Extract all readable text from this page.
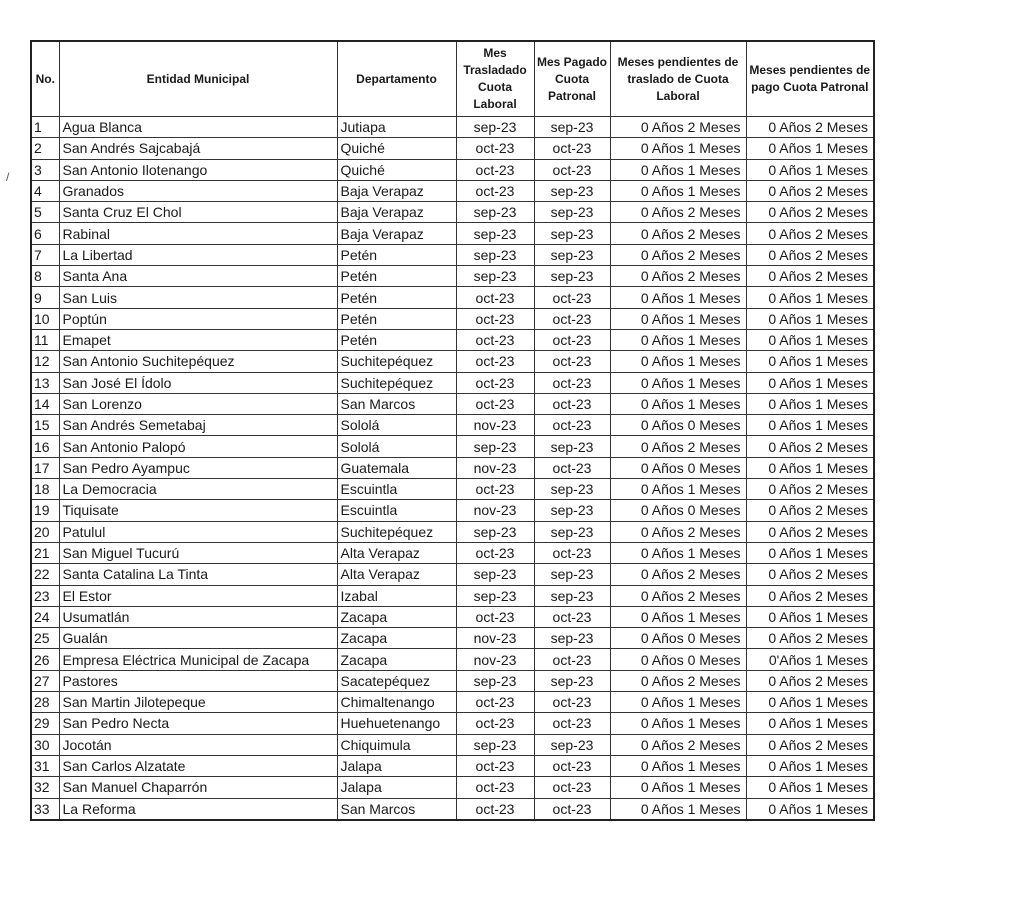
/
No.	Entidad Municipal	Departamento	Mes Trasladado Cuota Laboral	Mes Pagado Cuota Patronal	Meses pendientes de traslado de Cuota Laboral	Meses pendientes de pago Cuota Patronal
1	Agua Blanca	Jutiapa	sep-23	sep-23	0 Años 2 Meses	0 Años 2 Meses
2	San Andrés Sajcabajá	Quiché	oct-23	oct-23	0 Años 1 Meses	0 Años 1 Meses
3	San Antonio Ilotenango	Quiché	oct-23	oct-23	0 Años 1 Meses	0 Años 1 Meses
4	Granados	Baja Verapaz	oct-23	sep-23	0 Años 1 Meses	0 Años 2 Meses
5	Santa Cruz El Chol	Baja Verapaz	sep-23	sep-23	0 Años 2 Meses	0 Años 2 Meses
6	Rabinal	Baja Verapaz	sep-23	sep-23	0 Años 2 Meses	0 Años 2 Meses
7	La Libertad	Petén	sep-23	sep-23	0 Años 2 Meses	0 Años 2 Meses
8	Santa Ana	Petén	sep-23	sep-23	0 Años 2 Meses	0 Años 2 Meses
9	San Luis	Petén	oct-23	oct-23	0 Años 1 Meses	0 Años 1 Meses
10	Poptún	Petén	oct-23	oct-23	0 Años 1 Meses	0 Años 1 Meses
11	Emapet	Petén	oct-23	oct-23	0 Años 1 Meses	0 Años 1 Meses
12	San Antonio Suchitepéquez	Suchitepéquez	oct-23	oct-23	0 Años 1 Meses	0 Años 1 Meses
13	San José El Ídolo	Suchitepéquez	oct-23	oct-23	0 Años 1 Meses	0 Años 1 Meses
14	San Lorenzo	San Marcos	oct-23	oct-23	0 Años 1 Meses	0 Años 1 Meses
15	San Andrés Semetabaj	Sololá	nov-23	oct-23	0 Años 0 Meses	0 Años 1 Meses
16	San Antonio Palopó	Sololá	sep-23	sep-23	0 Años 2 Meses	0 Años 2 Meses
17	San Pedro Ayampuc	Guatemala	nov-23	oct-23	0 Años 0 Meses	0 Años 1 Meses
18	La Democracia	Escuintla	oct-23	sep-23	0 Años 1 Meses	0 Años 2 Meses
19	Tiquisate	Escuintla	nov-23	sep-23	0 Años 0 Meses	0 Años 2 Meses
20	Patulul	Suchitepéquez	sep-23	sep-23	0 Años 2 Meses	0 Años 2 Meses
21	San Miguel Tucurú	Alta Verapaz	oct-23	oct-23	0 Años 1 Meses	0 Años 1 Meses
22	Santa Catalina La Tinta	Alta Verapaz	sep-23	sep-23	0 Años 2 Meses	0 Años 2 Meses
23	El Estor	Izabal	sep-23	sep-23	0 Años 2 Meses	0 Años 2 Meses
24	Usumatlán	Zacapa	oct-23	oct-23	0 Años 1 Meses	0 Años 1 Meses
25	Gualán	Zacapa	nov-23	sep-23	0 Años 0 Meses	0 Años 2 Meses
26	Empresa Eléctrica Municipal de Zacapa	Zacapa	nov-23	oct-23	0 Años 0 Meses	0'Años 1 Meses
27	Pastores	Sacatepéquez	sep-23	sep-23	0 Años 2 Meses	0 Años 2 Meses
28	San Martin Jilotepeque	Chimaltenango	oct-23	oct-23	0 Años 1 Meses	0 Años 1 Meses
29	San Pedro Necta	Huehuetenango	oct-23	oct-23	0 Años 1 Meses	0 Años 1 Meses
30	Jocotán	Chiquimula	sep-23	sep-23	0 Años 2 Meses	0 Años 2 Meses
31	San Carlos Alzatate	Jalapa	oct-23	oct-23	0 Años 1 Meses	0 Años 1 Meses
32	San Manuel Chaparrón	Jalapa	oct-23	oct-23	0 Años 1 Meses	0 Años 1 Meses
33	La Reforma	San Marcos	oct-23	oct-23	0 Años 1 Meses	0 Años 1 Meses
